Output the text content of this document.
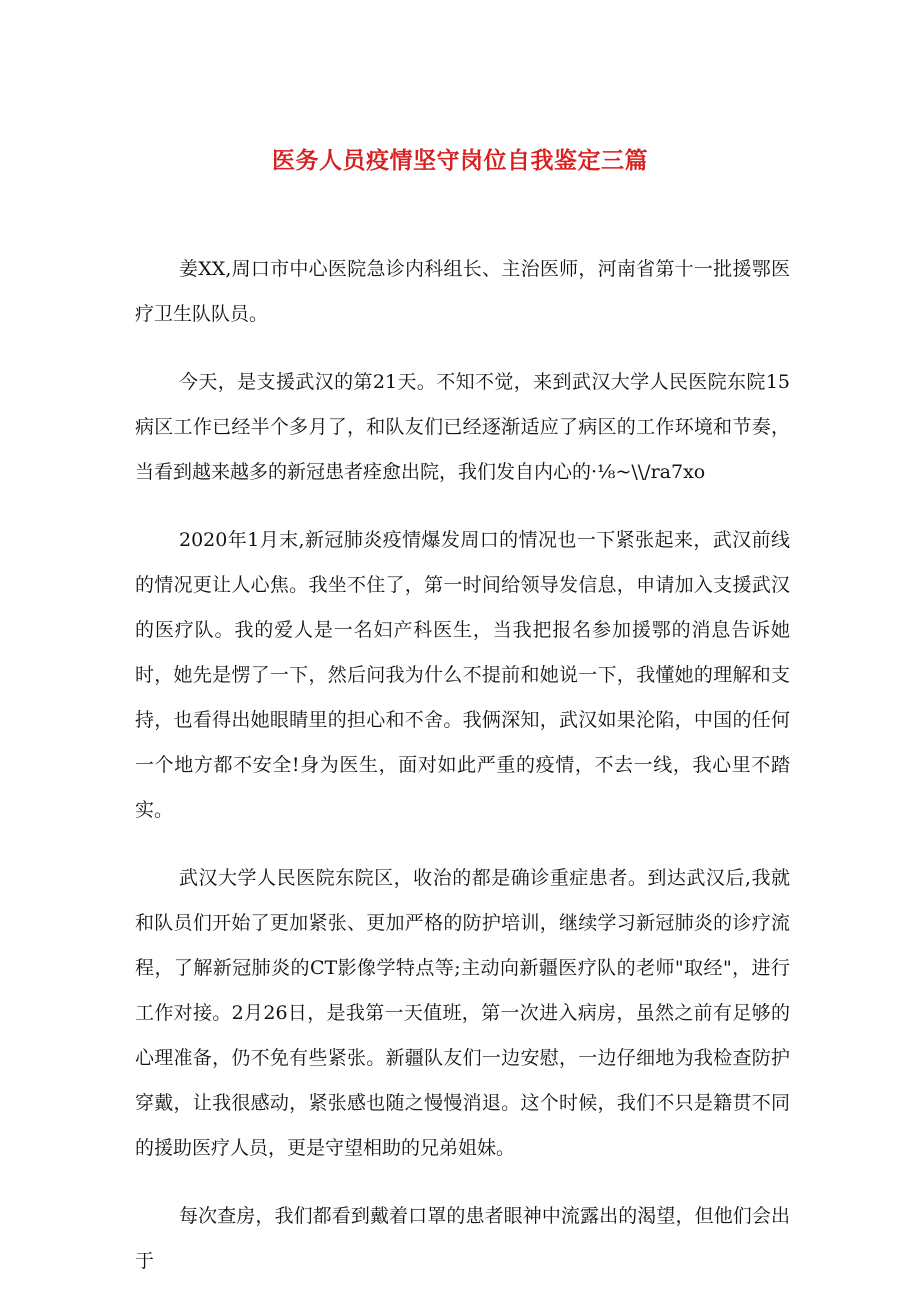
医务人员疫情坚守岗位自我鉴定三篇

姜XX,周口市中心医院急诊内科组长、主治医师，河南省第十一批援鄂医疗卫生队队员。

今天，是支援武汉的第21天。不知不觉，来到武汉大学人民医院东院15病区工作已经半个多月了，和队友们已经逐渐适应了病区的工作环境和节奏，当看到越来越多的新冠患者痊愈出院，我们发自内心的·⅛~\\/ra7xo

2020年1月末,新冠肺炎疫情爆发周口的情况也一下紧张起来，武汉前线的情况更让人心焦。我坐不住了，第一时间给领导发信息，申请加入支援武汉的医疗队。我的爱人是一名妇产科医生，当我把报名参加援鄂的消息告诉她时，她先是愣了一下，然后问我为什么不提前和她说一下，我懂她的理解和支持，也看得出她眼睛里的担心和不舍。我俩深知，武汉如果沦陷，中国的任何一个地方都不安全!身为医生，面对如此严重的疫情，不去一线，我心里不踏实。

武汉大学人民医院东院区，收治的都是确诊重症患者。到达武汉后,我就和队员们开始了更加紧张、更加严格的防护培训，继续学习新冠肺炎的诊疗流程，了解新冠肺炎的CT影像学特点等;主动向新疆医疗队的老师"取经"，进行工作对接。2月26日，是我第一天值班，第一次进入病房，虽然之前有足够的心理准备，仍不免有些紧张。新疆队友们一边安慰，一边仔细地为我检查防护穿戴，让我很感动，紧张感也随之慢慢消退。这个时候，我们不只是籍贯不同的援助医疗人员，更是守望相助的兄弟姐妹。

每次查房，我们都看到戴着口罩的患者眼神中流露出的渴望，但他们会出于
